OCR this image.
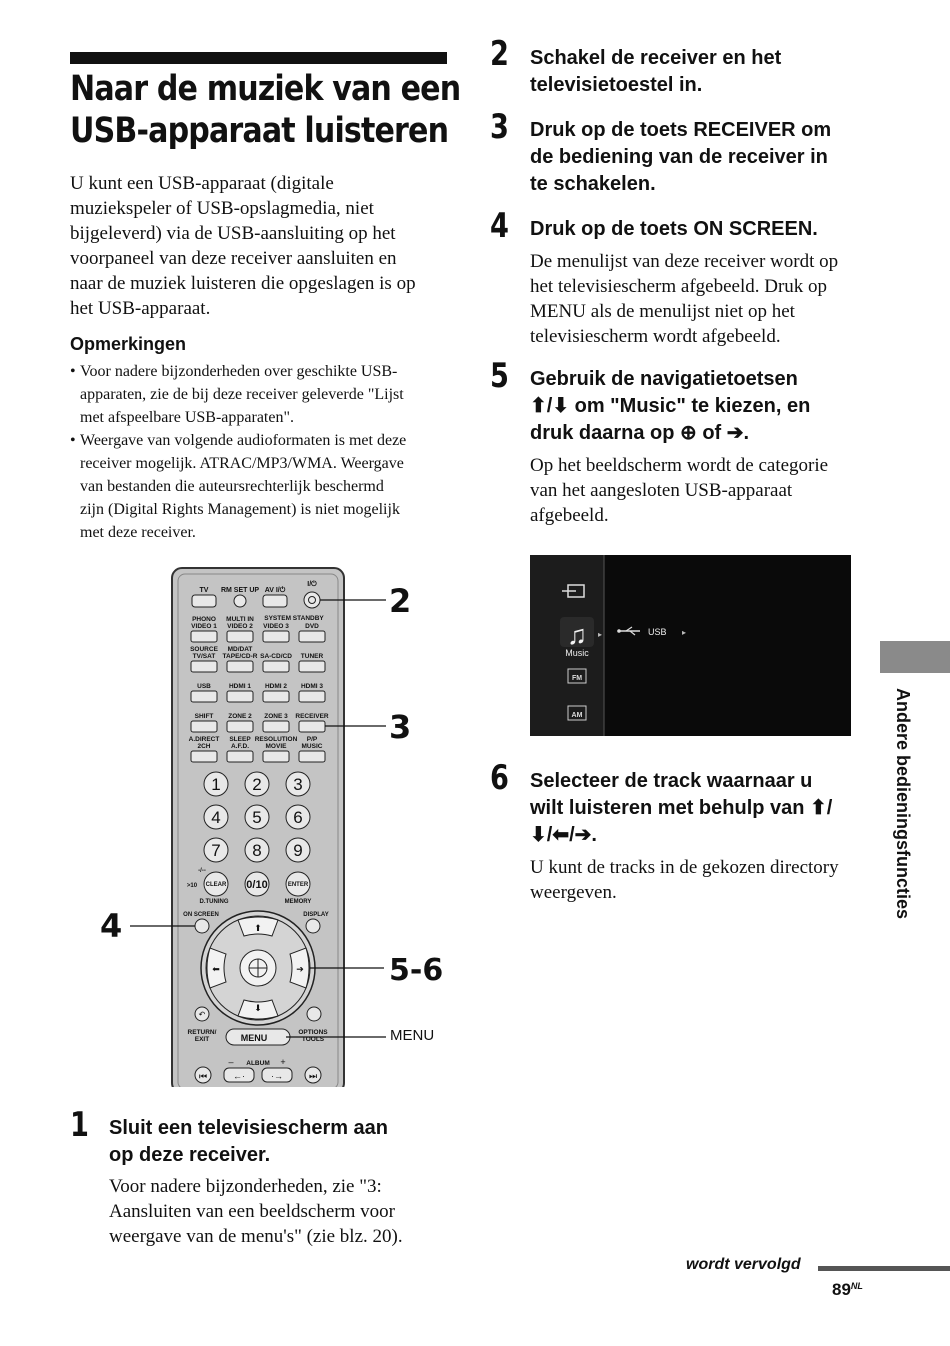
Naar de muziek van een
USB-apparaat luisteren
U kunt een USB-apparaat (digitale
muziekspeler of USB-opslagmedia, niet
bijgeleverd) via de USB-aansluiting op het
voorpaneel van deze receiver aansluiten en
naar de muziek luisteren die opgeslagen is op
het USB-apparaat.
Opmerkingen
• Voor nadere bijzonderheden over geschikte USB-
apparaten, zie de bij deze receiver geleverde "Lijst
met afspeelbare USB-apparaten".
• Weergave van volgende audioformaten is met deze
receiver mogelijk. ATRAC/MP3/WMA. Weergave
van bestanden die auteursrechterlijk beschermd
zijn (Digital Rights Management) is niet mogelijk
met deze receiver.
TV RM SET UP AV I/⏻
I/⏻
PHONO
VIDEO 1
MULTI IN
VIDEO 2
SYSTEM STANDBY
VIDEO 3	DVD
SOURCE
TV/SAT
MD/DAT
TAPE/CD-R SA-CD/CD TUNER
USB	HDMI 1 HDMI 2 HDMI 3
SHIFT ZONE 2 ZONE 3 RECEIVER
A.DIRECT
2CH
SLEEP
A.F.D.
RESOLUTION
MOVIE
P/P
MUSIC
1 2 3
4 5 6
7 8 9
CLEAR	ENTER
>10
-/--
D.TUNING	MEMORY
ON SCREEN	DISPLAY
0/10
⬆
⬇
⬅	➔
↶
RETURN/
EXIT
OPTIONS
TOOLS
ALBUM
MENU
–	+
⏮	←·	·→	⏭
2
3
4
5-6
MENU
1 Sluit een televisiescherm aan
op deze receiver.
Voor nadere bijzonderheden, zie "3:
Aansluiten van een beeldscherm voor
weergave van de menu's" (zie blz. 20).
2 Schakel de receiver en het
televisietoestel in.
3 Druk op de toets RECEIVER om
de bediening van de receiver in
te schakelen.
4 Druk op de toets ON SCREEN.
De menulijst van deze receiver wordt op
het televisiescherm afgebeeld. Druk op
MENU als de menulijst niet op het
televisiescherm wordt afgebeeld.
5 Gebruik de navigatietoetsen
⬆/⬇ om "Music" te kiezen, en
druk daarna op ⊕ of ➔.
Op het beeldscherm wordt de categorie
van het aangesloten USB-apparaat
afgebeeld.
♫
Music
▸
FM
AM
USB ▸
6 Selecteer de track waarnaar u
wilt luisteren met behulp van ⬆/
⬇/⬅/➔.
U kunt de tracks in de gekozen directory
weergeven.	Andere bedieningsfuncties
wordt vervolgd
$89^{NL}$
